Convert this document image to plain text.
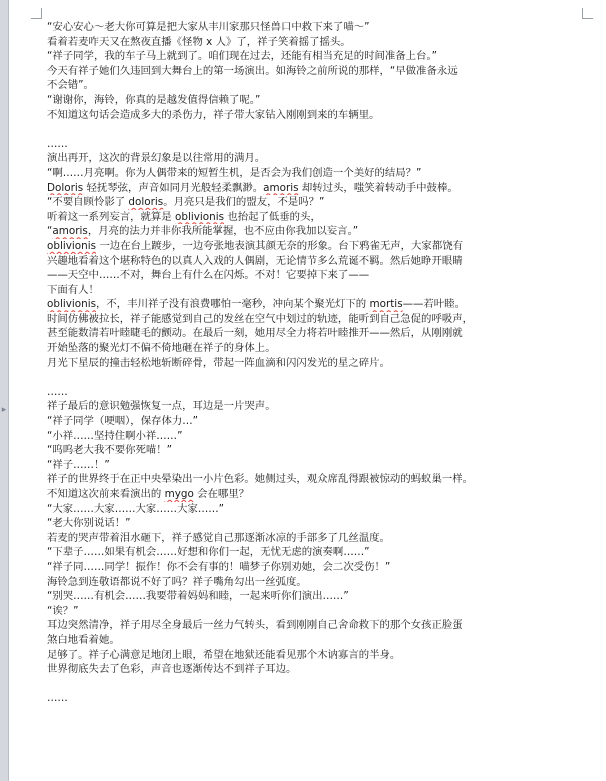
“安心安心～老大你可算是把大家从丰川家那只怪兽口中救下来了喵～”
看着若麦咋天又在熬夜直播《怪物 x 人》了，祥子笑着摇了摇头。
“祥子同学，我的车子马上就到了。咱们现在过去，还能有相当充足的时间准备上台。”
今天有祥子她们久违回到大舞台上的第一场演出。如海铃之前所说的那样，“早做准备永远
不会错”。
“谢谢你，海铃，你真的是越发值得信赖了呢。”
不知道这句话会造成多大的杀伤力，祥子带大家钻入刚刚到来的车辆里。
……
演出再开，这次的背景幻象是以往常用的满月。
“啊……月亮啊。你为人偶带来的短暂生机，是否会为我们创造一个美好的结局？”
Doloris 轻抚琴弦，声音如同月光般轻柔飘渺。amoris 却转过头，嗤笑着转动手中鼓棒。
“不要自顾怜影了 doloris。月亮只是我们的盟友，不是吗？”
听着这一系列妄言，就算是 oblivionis 也抬起了低垂的头，
“amoris，月亮的法力并非你我所能掌握，也不应由你我加以妄言。”
oblivionis 一边在台上踱步，一边夸张地表演其颜无奈的形象。台下鸦雀无声，大家都饶有
兴趣地看着这个堪称特色的以真人入戏的人偶剧，无论情节多么荒诞不羁。然后她睁开眼睛
——天空中……不对，舞台上有什么在闪烁。不对！它要掉下来了——
下面有人！
oblivionis，不，丰川祥子没有浪费哪怕一毫秒，冲向某个聚光灯下的 mortis——若叶睦。
时间仿佛被拉长，祥子能感觉到自己的发丝在空气中划过的轨迹，能听到自己急促的呼吸声，
甚至能数清若叶睦睫毛的颤动。在最后一刻，她用尽全力将若叶睦推开——然后，从刚刚就
开始坠落的聚光灯不偏不倚地砸在祥子的身体上。
月光下星辰的撞击轻松地斩断碎骨，带起一阵血滴和闪闪发光的星之碎片。
……
祥子最后的意识勉强恢复一点，耳边是一片哭声。
“祥子同学（哽咽），保存体力…”
“小祥……坚持住啊小祥……”
“呜呜老大我不要你死喵！”
“祥子……！”
祥子的世界终于在正中央晕染出一小片色彩。她侧过头，观众席乱得跟被惊动的蚂蚁巢一样。
不知道这次前来看演出的 mygo 会在哪里？
“大家……大家……大家……大家……”
“老大你别说话！”
若麦的哭声带着泪水砸下，祥子感觉自己那逐渐冰凉的手部多了几丝温度。
“下辈子……如果有机会……好想和你们一起，无忧无虑的演奏啊……”
“祥子同……同学！振作！你不会有事的！喵梦子你别劝她，会二次受伤！”
海铃急到连敬语都说不好了吗？祥子嘴角勾出一丝弧度。
“别哭……有机会……我要带着妈妈和睦，一起来听你们演出……”
“诶？”
耳边突然清净，祥子用尽全身最后一丝力气转头，看到刚刚自己舍命救下的那个女孩正脸蛋
煞白地看着她。
足够了。祥子心满意足地闭上眼，希望在地狱还能看见那个木讷寡言的半身。
世界彻底失去了色彩，声音也逐渐传达不到祥子耳边。
……
▸
